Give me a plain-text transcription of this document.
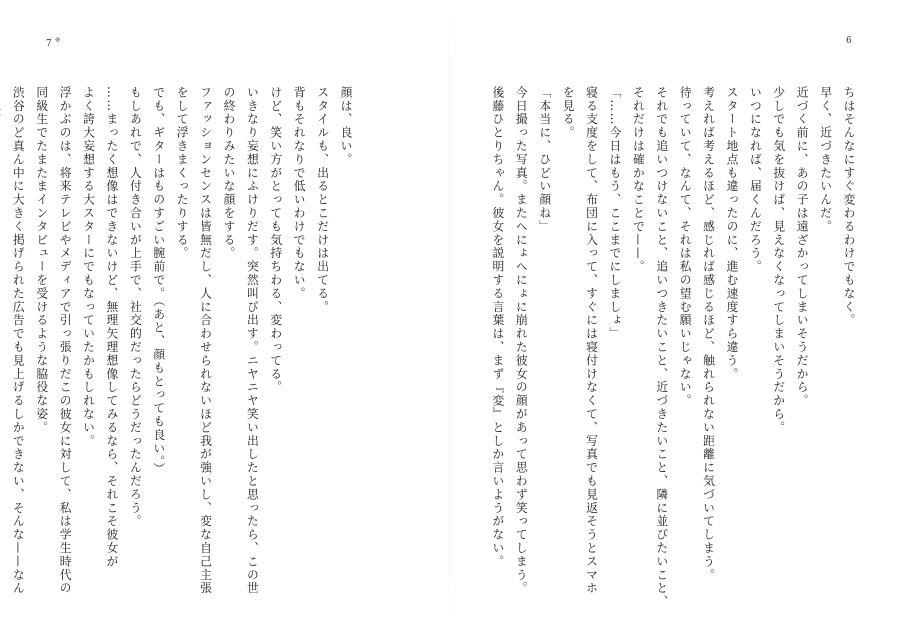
7 ※
顔は、良い。
スタイルも、出るとこだけは出てる。
背もそれなりで低いわけでもない。
けど、笑い方がとっても気持ちわる、変わってる。
いきなり妄想にふけりだす。突然叫び出す。ニヤニヤ笑い出したと思ったら、この世
の終わりみたいな顔をする。
ファッションセンスは皆無だし、人に合わせられないほど我が強いし、変な自己主張
をして浮きまくったりする。
でも、ギターはものすごい腕前で。（あと、顔もとっても良い。）
もしあれで、人付き合いが上手で、社交的だったらどうだったんだろう。
……まったく想像はできないけど、無理矢理想像してみるなら、それこそ彼女が
よく誇大妄想する大スターにでもなっていたかもしれない。
浮かぶのは、将来テレビやメディアで引っ張りだこの彼女に対して、私は学生時代の
同級生でたまたまインタビューを受けるような脇役な姿。
渋谷のど真ん中に大きく掲げられた広告でも見上げるしかできない、そんな——なん
6
ちはそんなにすぐ変わるわけでもなく。
早く、近づきたいんだ。
近づく前に、あの子は遠ざかってしまいそうだから。
少しでも気を抜けば、見えなくなってしまいそうだから。
いつになれば、届くんだろう。
スタート地点も違ったのに、進む速度すら違う。
考えれば考えるほど、感じれば感じるほど、触れられない距離に気づいてしまう。
待っていて、なんて、それは私の望む願いじゃない。
それでも追いつけないこと、追いつきたいこと、近づきたいこと、隣に並びたいこと、
それだけは確かなことで——。
「……今日はもう、ここまでにしましょ」
寝る支度をして、布団に入って、すぐには寝付けなくて、写真でも見返そうとスマホ
を見る。
「本当に、ひどい顔ね」
今日撮った写真。またへにょへにょに崩れた彼女の顔があって思わず笑ってしまう。
後藤ひとりちゃん。彼女を説明する言葉は、まず『変』としか言いようがない。
